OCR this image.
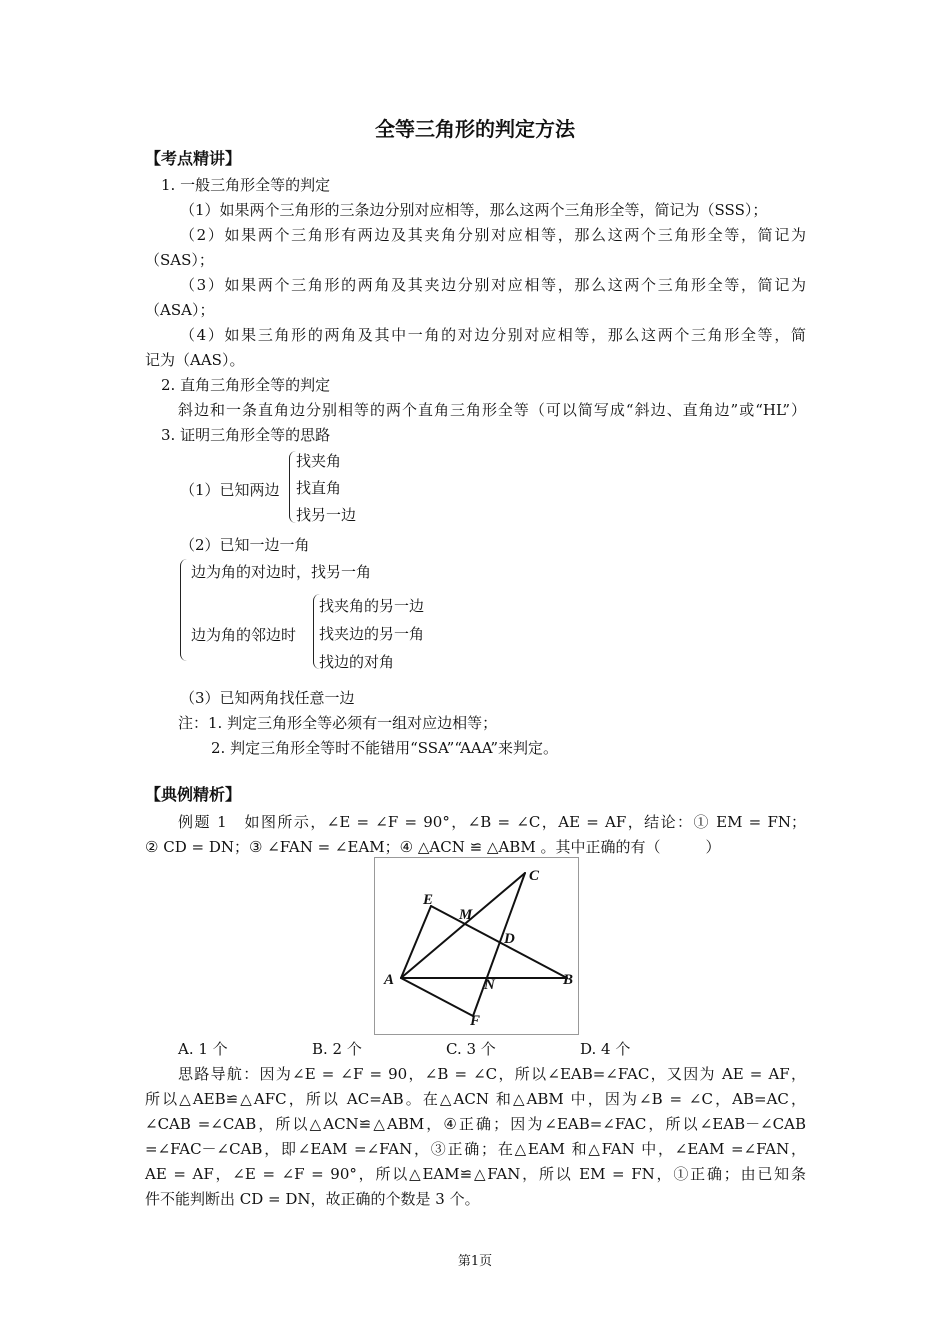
全等三角形的判定方法
【考点精讲】
1. 一般三角形全等的判定
（1）如果两个三角形的三条边分别对应相等，那么这两个三角形全等，简记为（SSS）；
（2）如果两个三角形有两边及其夹角分别对应相等，那么这两个三角形全等，简记为
（SAS）；
（3）如果两个三角形的两角及其夹边分别对应相等，那么这两个三角形全等，简记为
（ASA）；
（4）如果三角形的两角及其中一角的对边分别对应相等，那么这两个三角形全等，简
记为（AAS）。
2. 直角三角形全等的判定
斜边和一条直角边分别相等的两个直角三角形全等（可以简写成“斜边、直角边”或“HL”）
3. 证明三角形全等的思路
（1）已知两边
找夹角
找直角
找另一边
（2）已知一边一角
边为角的对边时，找另一角
边为角的邻边时
找夹角的另一边
找夹边的另一角
找边的对角
（3）已知两角找任意一边
注：1. 判定三角形全等必须有一组对应边相等；
2. 判定三角形全等时不能错用“SSA”“AAA”来判定。
【典例精析】
例题 1　如图所示，∠E = ∠F = 90°，∠B = ∠C，AE = AF，结论：① EM = FN；
② CD = DN；③ ∠FAN = ∠EAM；④ △ACN ≌ △ABM 。其中正确的有（　　　）
C
E
M
D
A	B
N
F
A. 1 个	B. 2 个	C. 3 个	D. 4 个
思路导航：因为∠E = ∠F = 90，∠B = ∠C，所以∠EAB=∠FAC，又因为 AE = AF，
所以△AEB≌△AFC，所以 AC=AB。在△ACN 和△ABM 中，因为∠B = ∠C，AB=AC，
∠CAB =∠CAB，所以△ACN≌△ABM，④正确；因为∠EAB=∠FAC，所以∠EAB－∠CAB
=∠FAC－∠CAB，即∠EAM =∠FAN，③正确；在△EAM 和△FAN 中，∠EAM =∠FAN，
AE = AF，∠E = ∠F = 90°，所以△EAM≌△FAN，所以 EM = FN，①正确；由已知条
件不能判断出 CD = DN，故正确的个数是 3 个。
第1页
